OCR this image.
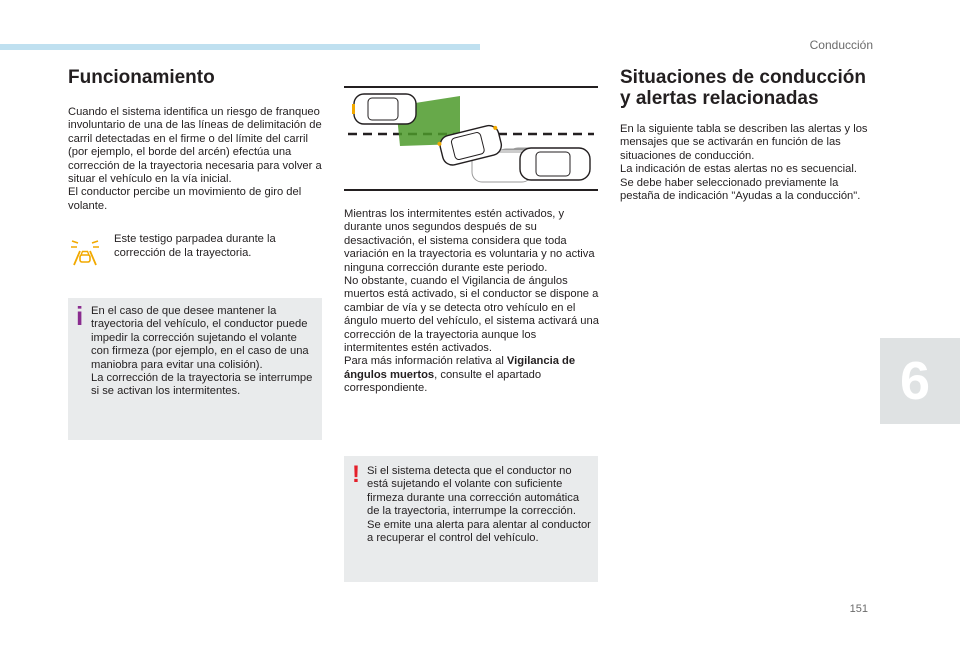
Conducción
151
6
Funcionamiento

Cuando el sistema identifica un riesgo de franqueo involuntario de una de las líneas de delimitación de carril detectadas en el firme o del límite del carril (por ejemplo, el borde del arcén) efectúa una corrección de la trayectoria necesaria para volver a situar el vehículo en la vía inicial.

El conductor percibe un movimiento de giro del volante.

Este testigo parpadea durante la corrección de la trayectoria.

i En el caso de que desee mantener la trayectoria del vehículo, el conductor puede impedir la corrección sujetando el volante con firmeza (por ejemplo, en el caso de una maniobra para evitar una colisión).

La corrección de la trayectoria se interrumpe si se activan los intermitentes.

Mientras los intermitentes estén activados, y durante unos segundos después de su desactivación, el sistema considera que toda variación en la trayectoria es voluntaria y no activa ninguna corrección durante este periodo.

No obstante, cuando el Vigilancia de ángulos muertos está activado, si el conductor se dispone a cambiar de vía y se detecta otro vehículo en el ángulo muerto del vehículo, el sistema activará una corrección de la trayectoria aunque los intermitentes estén activados.

Para más información relativa al Vigilancia de ángulos muertos, consulte el apartado correspondiente.

! Si el sistema detecta que el conductor no está sujetando el volante con suficiente firmeza durante una corrección automática de la trayectoria, interrumpe la corrección. Se emite una alerta para alentar al conductor a recuperar el control del vehículo.

Situaciones de conducción y alertas relacionadas

En la siguiente tabla se describen las alertas y los mensajes que se activarán en función de las situaciones de conducción.

La indicación de estas alertas no es secuencial.

Se debe haber seleccionado previamente la pestaña de indicación "Ayudas a la conducción".
